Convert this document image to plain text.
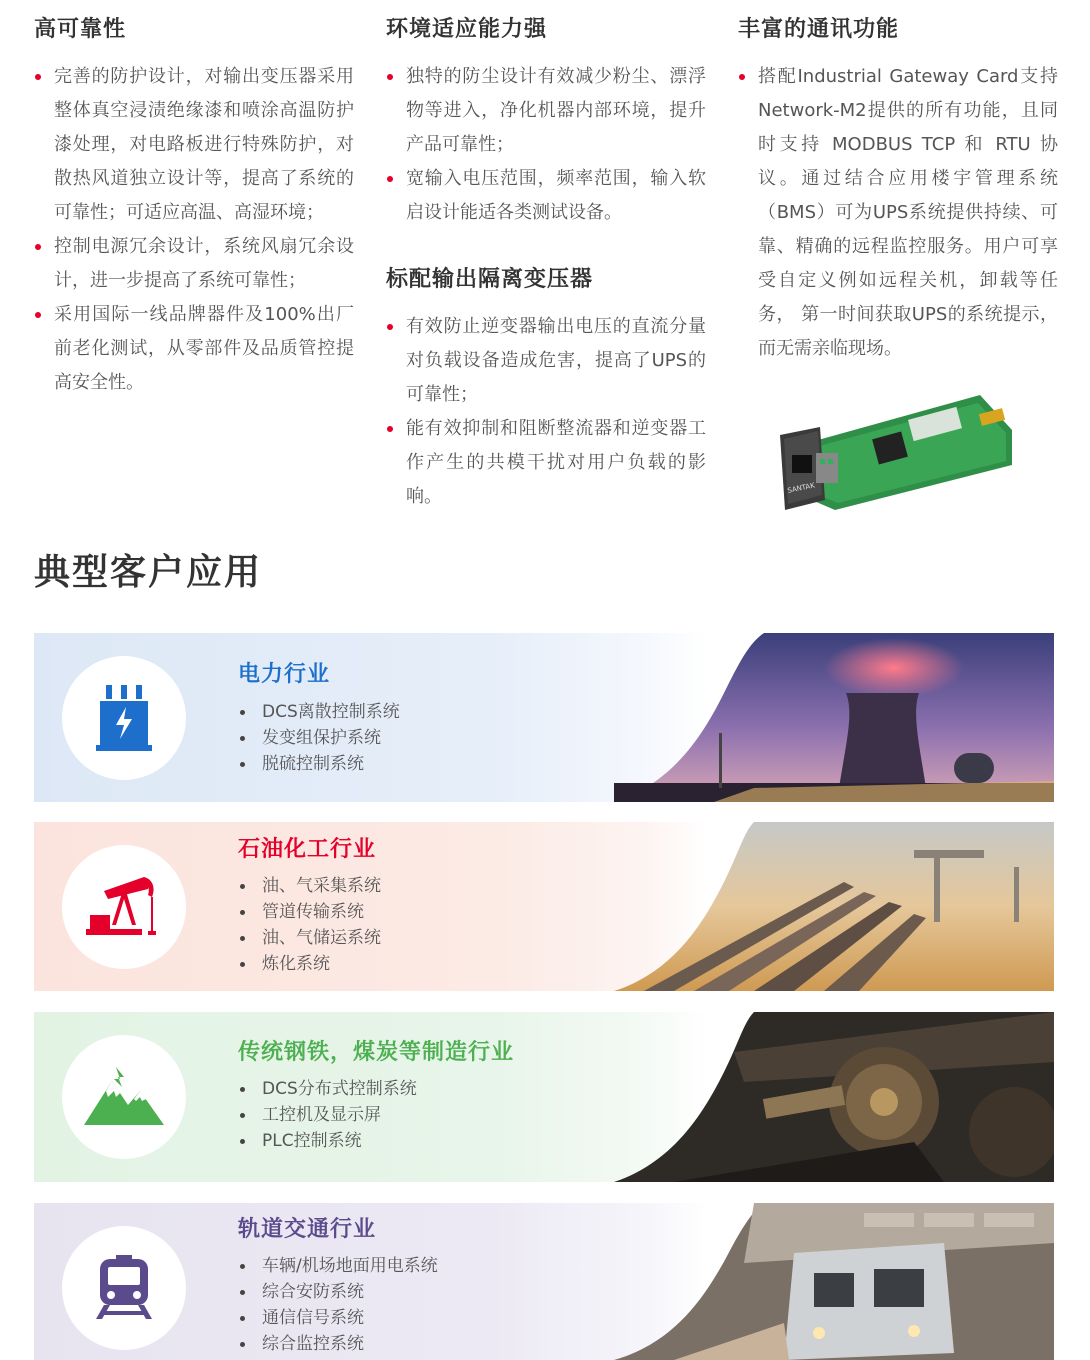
高可靠性
完善的防护设计，对输出变压器采用整体真空浸渍绝缘漆和喷涂高温防护漆处理，对电路板进行特殊防护，对散热风道独立设计等，提高了系统的可靠性；可适应高温、高湿环境；
控制电源冗余设计，系统风扇冗余设计，进一步提高了系统可靠性；
采用国际一线品牌器件及100%出厂前老化测试，从零部件及品质管控提高安全性。
环境适应能力强
独特的防尘设计有效减少粉尘、漂浮物等进入，净化机器内部环境，提升产品可靠性；
宽输入电压范围，频率范围，输入软启设计能适各类测试设备。
标配输出隔离变压器
有效防止逆变器输出电压的直流分量对负载设备造成危害，提高了UPS的可靠性；
能有效抑制和阻断整流器和逆变器工作产生的共模干扰对用户负载的影响。
丰富的通讯功能
搭配Industrial Gateway Card支持Network-M2提供的所有功能，且同时支持 MODBUS TCP 和 RTU 协议。通过结合应用楼宇管理系统（BMS）可为UPS系统提供持续、可靠、精确的远程监控服务。用户可享受自定义例如远程关机，卸载等任务， 第一时间获取UPS的系统提示，而无需亲临现场。
SANTAK
典型客户应用
电力行业
DCS离散控制系统
发变组保护系统
脱硫控制系统
石油化工行业
油、气采集系统
管道传输系统
油、气储运系统
炼化系统
传统钢铁，煤炭等制造行业
DCS分布式控制系统
工控机及显示屏
PLC控制系统
轨道交通行业
车辆/机场地面用电系统
综合安防系统
通信信号系统
综合监控系统
